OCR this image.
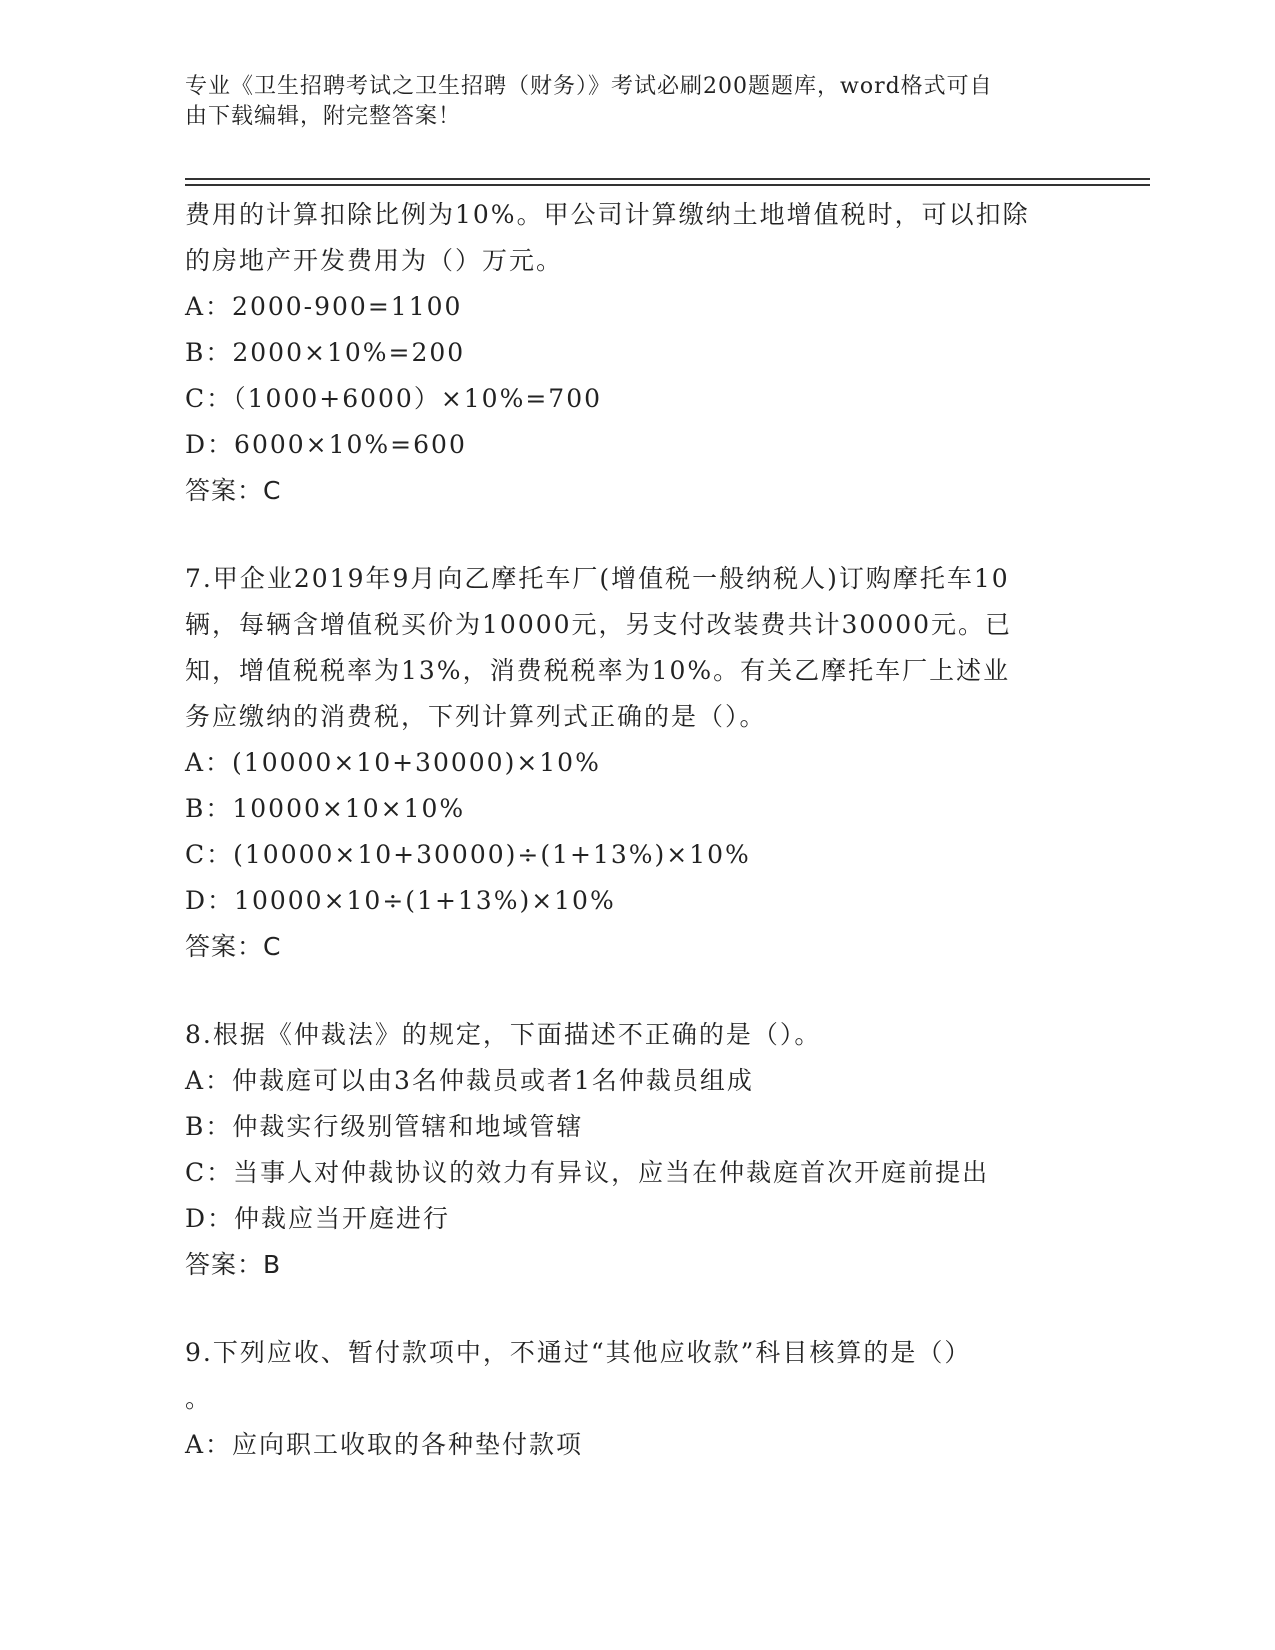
专业《卫生招聘考试之卫生招聘（财务）》考试必刷200题题库，word格式可自
由下载编辑，附完整答案！
费用的计算扣除比例为10%。甲公司计算缴纳土地增值税时，可以扣除
的房地产开发费用为（）万元。
A：2000-900=1100
B：2000×10%=200
C：（1000+6000）×10%=700
D：6000×10%=600
答案：C
7.甲企业2019年9月向乙摩托车厂(增值税一般纳税人)订购摩托车10
辆，每辆含增值税买价为10000元，另支付改装费共计30000元。已
知，增值税税率为13%，消费税税率为10%。有关乙摩托车厂上述业
务应缴纳的消费税，下列计算列式正确的是（）。
A：(10000×10+30000)×10%
B：10000×10×10%
C：(10000×10+30000)÷(1+13%)×10%
D：10000×10÷(1+13%)×10%
答案：C
8.根据《仲裁法》的规定，下面描述不正确的是（）。
A：仲裁庭可以由3名仲裁员或者1名仲裁员组成
B：仲裁实行级别管辖和地域管辖
C：当事人对仲裁协议的效力有异议，应当在仲裁庭首次开庭前提出
D：仲裁应当开庭进行
答案：B
9.下列应收、暂付款项中，不通过“其他应收款”科目核算的是（）
。
A：应向职工收取的各种垫付款项
